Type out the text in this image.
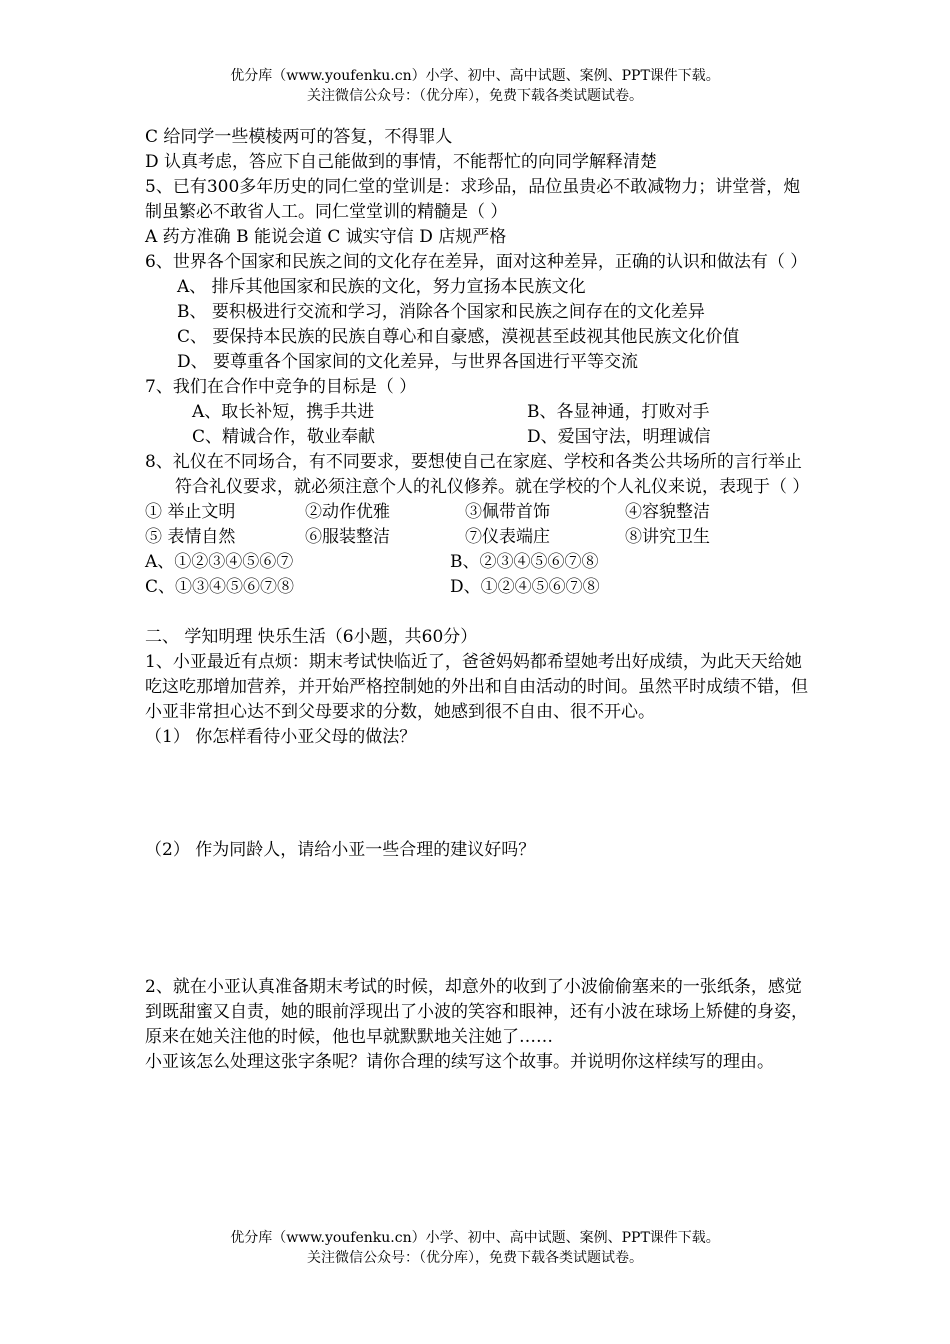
优分库（www.youfenku.cn）小学、初中、高中试题、案例、PPT课件下载。
关注微信公众号：（优分库），免费下载各类试题试卷。
C 给同学一些模棱两可的答复，不得罪人
D 认真考虑，答应下自己能做到的事情，不能帮忙的向同学解释清楚
5、已有300多年历史的同仁堂的堂训是：求珍品，品位虽贵必不敢减物力；讲堂誉，炮制虽繁必不敢省人工。同仁堂堂训的精髓是（ ）
A 药方准确 B 能说会道 C 诚实守信 D 店规严格
6、世界各个国家和民族之间的文化存在差异，面对这种差异，正确的认识和做法有（ ）
A、 排斥其他国家和民族的文化，努力宣扬本民族文化
B、 要积极进行交流和学习，消除各个国家和民族之间存在的文化差异
C、 要保持本民族的民族自尊心和自豪感，漠视甚至歧视其他民族文化价值
D、 要尊重各个国家间的文化差异，与世界各国进行平等交流
7、我们在合作中竞争的目标是（ ）
A、取长补短，携手共进	B、各显神通，打败对手
C、精诚合作，敬业奉献	D、爱国守法，明理诚信
8、礼仪在不同场合，有不同要求，要想使自己在家庭、学校和各类公共场所的言行举止符合礼仪要求，就必须注意个人的礼仪修养。就在学校的个人礼仪来说，表现于（ ）
① 举止文明	②动作优雅	③佩带首饰	④容貌整洁
⑤ 表情自然	⑥服装整洁	⑦仪表端庄	⑧讲究卫生
A、①②③④⑤⑥⑦	B、②③④⑤⑥⑦⑧
C、①③④⑤⑥⑦⑧	D、①②④⑤⑥⑦⑧
二、 学知明理 快乐生活（6小题，共60分）
1、小亚最近有点烦：期末考试快临近了，爸爸妈妈都希望她考出好成绩，为此天天给她吃这吃那增加营养，并开始严格控制她的外出和自由活动的时间。虽然平时成绩不错，但小亚非常担心达不到父母要求的分数，她感到很不自由、很不开心。
（1） 你怎样看待小亚父母的做法？
（2） 作为同龄人，请给小亚一些合理的建议好吗？
2、就在小亚认真准备期末考试的时候，却意外的收到了小波偷偷塞来的一张纸条，感觉到既甜蜜又自责，她的眼前浮现出了小波的笑容和眼神，还有小波在球场上矫健的身姿，原来在她关注他的时候，他也早就默默地关注她了……
小亚该怎么处理这张字条呢？请你合理的续写这个故事。并说明你这样续写的理由。
优分库（www.youfenku.cn）小学、初中、高中试题、案例、PPT课件下载。
关注微信公众号：（优分库），免费下载各类试题试卷。
